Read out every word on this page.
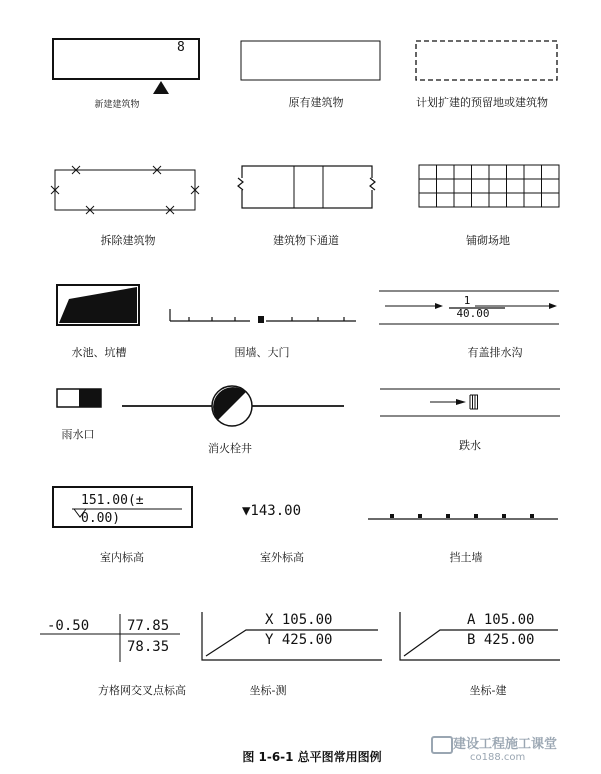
8
新建建筑物	原有建筑物	计划扩建的预留地或建筑物
拆除建筑物	建筑物下通道	铺砌场地
水池、坑槽	围墙、大门
1
40.00
有盖排水沟
雨水口
消火栓井	跌水
151.00(±
0.00)
室内标高
▼143.00
室外标高	挡土墙
-0.50	77.85
78.35
方格网交叉点标高
X 105.00
Y 425.00
坐标-测
A 105.00
B 425.00
坐标-建
图 1-6-1 总平图常用图例
建设工程施工课堂
co188.com
